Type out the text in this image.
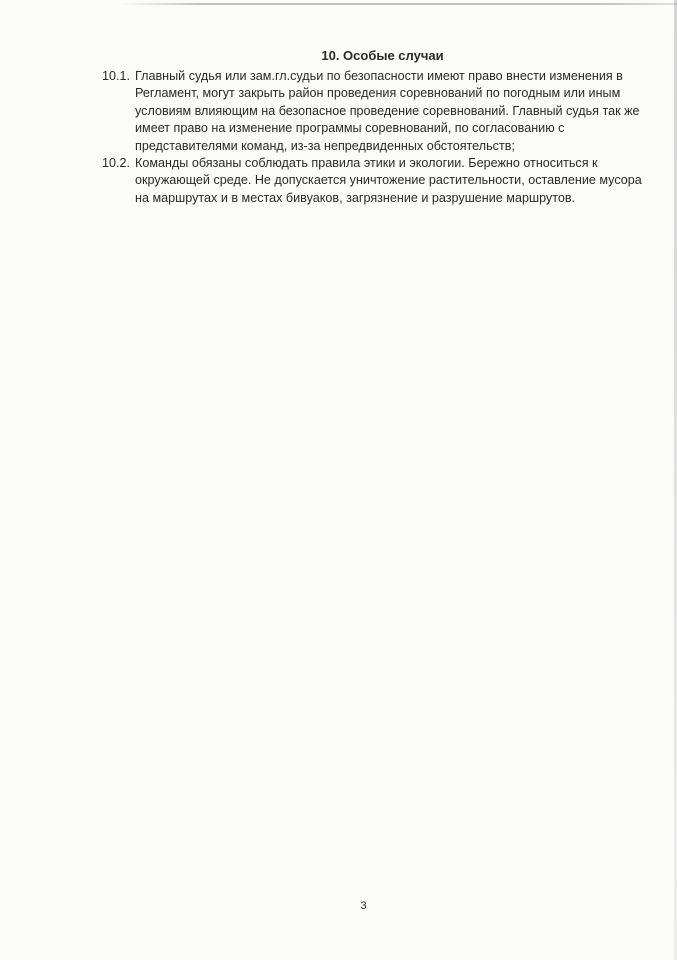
10. Особые случаи
10.1. Главный судья или зам.гл.судьи по безопасности имеют право внести изменения в Регламент, могут закрыть район проведения соревнований по погодным или иным условиям влияющим на безопасное проведение соревнований. Главный судья так же имеет право на изменение программы соревнований, по согласованию с представителями команд, из-за непредвиденных обстоятельств;
10.2. Команды обязаны соблюдать правила этики и экологии. Бережно относиться к окружающей среде. Не допускается уничтожение растительности, оставление мусора на маршрутах и в местах бивуаков, загрязнение и разрушение маршрутов.
3
